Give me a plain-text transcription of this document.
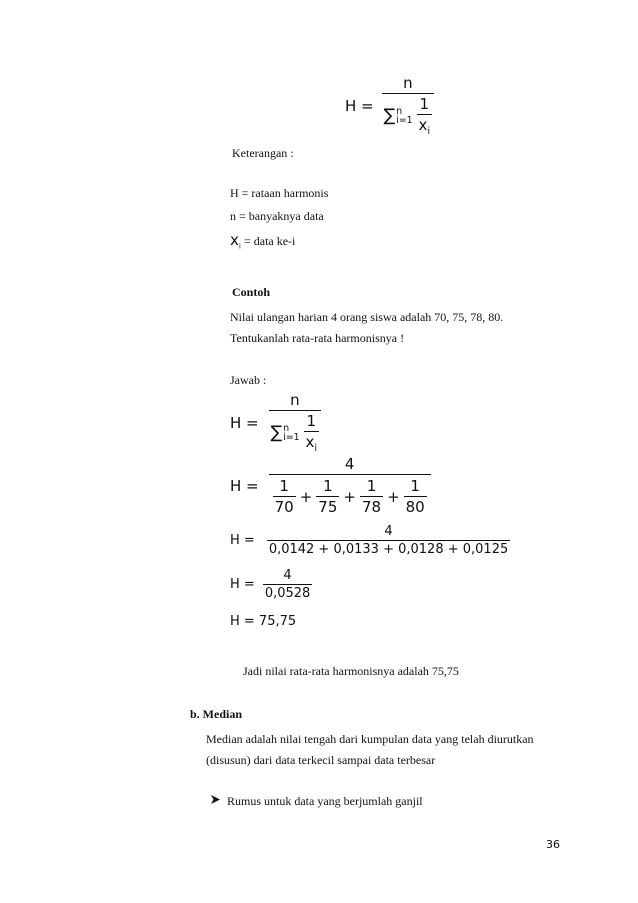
H = n
∑ n
$i=1 \frac{1}{x_i}$
Keterangan :
H = rataan harmonis
n = banyaknya data
$x_i$ = data ke-i
Contoh
Nilai ulangan harian 4 orang siswa adalah 70, 75, 78, 80.
Tentukanlah rata-rata harmonisnya !
Jawab :
H = n
∑ n
$i=1 \frac{1}{x_i}$
$H = \frac{4}{\frac{1}{70} + \frac{1}{75} + \frac{1}{78} + \frac{1}{80}}$
$H = \frac{4}{0,0142 + 0,0133 + 0,0128 + 0,0125}$
$H = \frac{4}{0,0528}$
H = 75,75
Jadi nilai rata-rata harmonisnya adalah 75,75
b. Median
Median adalah nilai tengah dari kumpulan data yang telah diurutkan
(disusun) dari data terkecil sampai data terbesar
Rumus untuk data yang berjumlah ganjil
36
